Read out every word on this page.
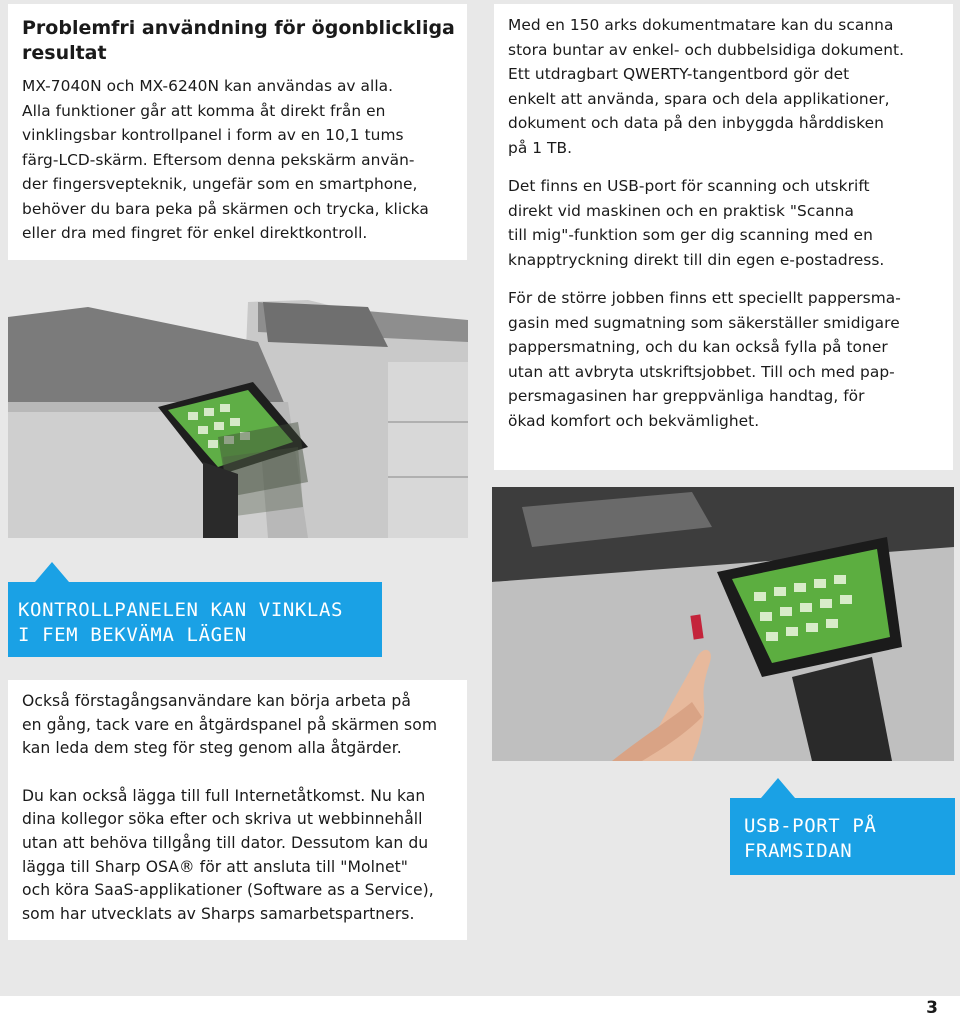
Problemfri användning för ögonblickliga
resultat
MX-7040N och MX-6240N kan användas av alla.
Alla funktioner går att komma åt direkt från en
vinklingsbar kontrollpanel i form av en 10,1 tums
färg-LCD-skärm. Eftersom denna pekskärm använ-
der fingersvepteknik, ungefär som en smartphone,
behöver du bara peka på skärmen och trycka, klicka
eller dra med fingret för enkel direktkontroll.
Med en 150 arks dokumentmatare kan du scanna
stora buntar av enkel- och dubbelsidiga dokument.
Ett utdragbart QWERTY-tangentbord gör det
enkelt att använda, spara och dela applikationer,
dokument och data på den inbyggda hårddisken
på 1 TB.
Det finns en USB-port för scanning och utskrift
direkt vid maskinen och en praktisk "Scanna
till mig"-funktion som ger dig scanning med en
knapptryckning direkt till din egen e-postadress.
För de större jobben finns ett speciellt pappersma-
gasin med sugmatning som säkerställer smidigare
pappersmatning, och du kan också fylla på toner
utan att avbryta utskriftsjobbet. Till och med pap-
persmagasinen har greppvänliga handtag, för
ökad komfort och bekvämlighet.
KONTROLLPANELEN KAN VINKLAS
I FEM BEKVÄMA LÄGEN
USB-PORT PÅ
FRAMSIDAN
Också förstagångsanvändare kan börja arbeta på
en gång, tack vare en åtgärdspanel på skärmen som
kan leda dem steg för steg genom alla åtgärder.
Du kan också lägga till full Internetåtkomst. Nu kan
dina kollegor söka efter och skriva ut webbinnehåll
utan att behöva tillgång till dator. Dessutom kan du
lägga till Sharp OSA® för att ansluta till "Molnet"
och köra SaaS-applikationer (Software as a Service),
som har utvecklats av Sharps samarbetspartners.
3
